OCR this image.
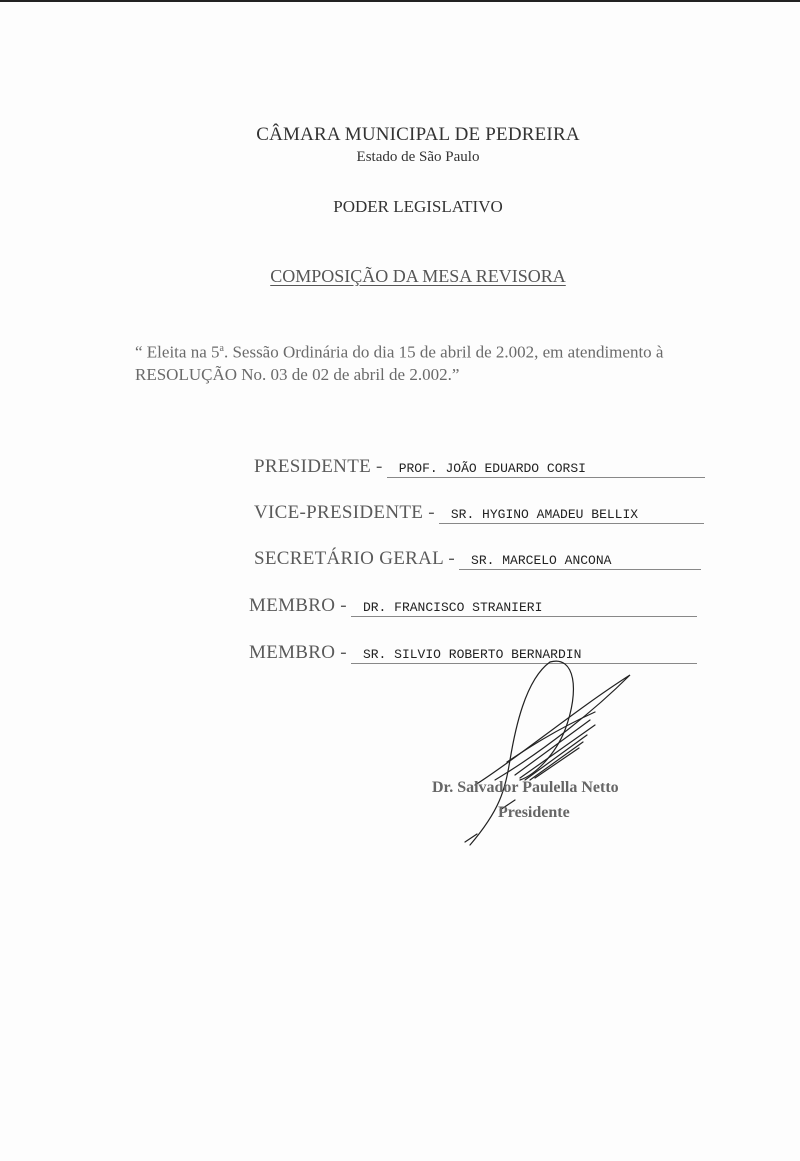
CÂMARA MUNICIPAL DE PEDREIRA
Estado de São Paulo
PODER LEGISLATIVO
COMPOSIÇÃO DA MESA REVISORA
“ Eleita na 5$^a$. Sessão Ordinária do dia 15 de abril de 2.002, em atendimento à RESOLUÇÃO No. 03 de 02 de abril de 2.002.”
PRESIDENTE -	PROF. JOÃO EDUARDO CORSI
VICE-PRESIDENTE -	SR. HYGINO AMADEU BELLIX
SECRETÁRIO GERAL -	SR. MARCELO ANCONA
MEMBRO -	DR. FRANCISCO STRANIERI
MEMBRO -	SR. SILVIO ROBERTO BERNARDIN
Dr. Salvador Paulella Netto
Presidente
